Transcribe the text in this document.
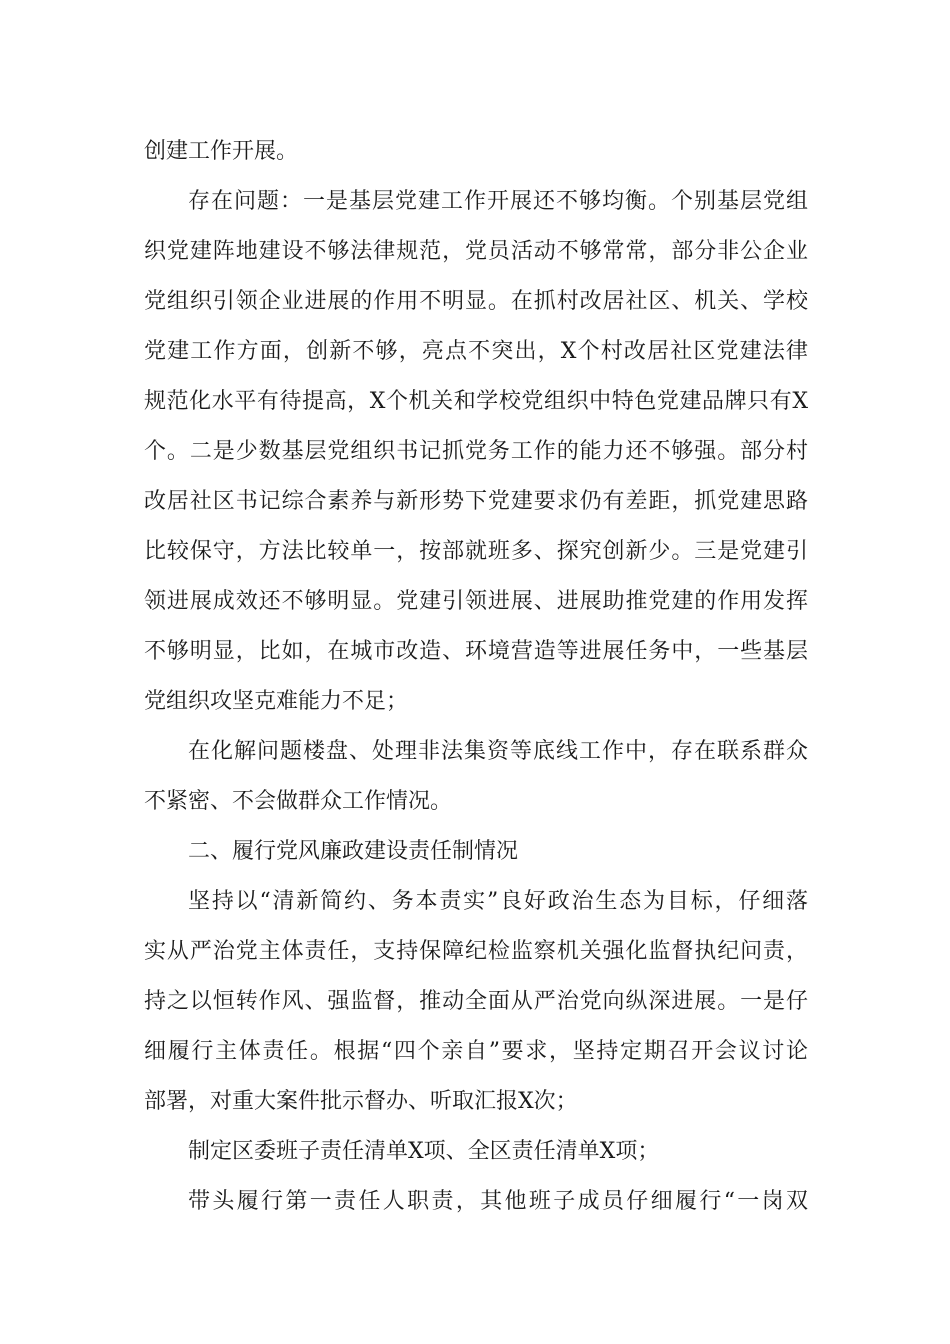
创建工作开展。
存在问题：一是基层党建工作开展还不够均衡。个别基层党组
织党建阵地建设不够法律规范，党员活动不够常常，部分非公企业
党组织引领企业进展的作用不明显。在抓村改居社区、机关、学校
党建工作方面，创新不够，亮点不突出，X个村改居社区党建法律
规范化水平有待提高，X个机关和学校党组织中特色党建品牌只有X
个。二是少数基层党组织书记抓党务工作的能力还不够强。部分村
改居社区书记综合素养与新形势下党建要求仍有差距，抓党建思路
比较保守，方法比较单一，按部就班多、探究创新少。三是党建引
领进展成效还不够明显。党建引领进展、进展助推党建的作用发挥
不够明显，比如，在城市改造、环境营造等进展任务中，一些基层
党组织攻坚克难能力不足；
在化解问题楼盘、处理非法集资等底线工作中，存在联系群众
不紧密、不会做群众工作情况。
二、履行党风廉政建设责任制情况
坚持以“清新简约、务本责实”良好政治生态为目标，仔细落
实从严治党主体责任，支持保障纪检监察机关强化监督执纪问责，
持之以恒转作风、强监督，推动全面从严治党向纵深进展。一是仔
细履行主体责任。根据“四个亲自”要求，坚持定期召开会议讨论
部署，对重大案件批示督办、听取汇报X次；
制定区委班子责任清单X项、全区责任清单X项；
带头履行第一责任人职责，其他班子成员仔细履行“一岗双
